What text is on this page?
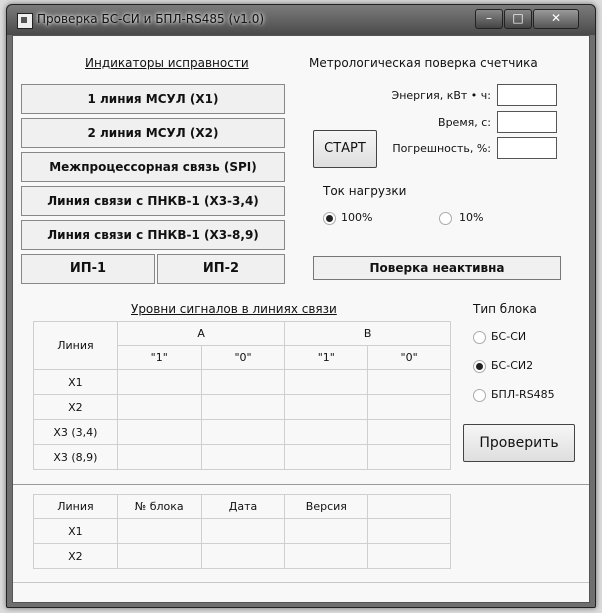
Проверка БС-СИ и БПЛ-RS485 (v1.0)	–	□	✕
Индикаторы исправности
1 линия МСУЛ (X1)
2 линия МСУЛ (X2)
Межпроцессорная связь (SPI)
Линия связи с ПНКВ-1 (X3-3,4)
Линия связи с ПНКВ-1 (X3-8,9)
ИП-1	ИП-2
Метрологическая поверка счетчика
Энергия, кВт • ч:
Время, с:
Погрешность, %:
СТАРТ
Ток нагрузки
100%	10%
Поверка неактивна
Уровни сигналов в линиях связи
Линия	А		В	
	"1"	"0"	"1"	"0"
X1				
X2				
X3 (3,4)				
X3 (8,9)				
Тип блока
БС-СИ
БС-СИ2
БПЛ-RS485
Проверить
Линия	№ блока	Дата	Версия	
X1				
X2				
